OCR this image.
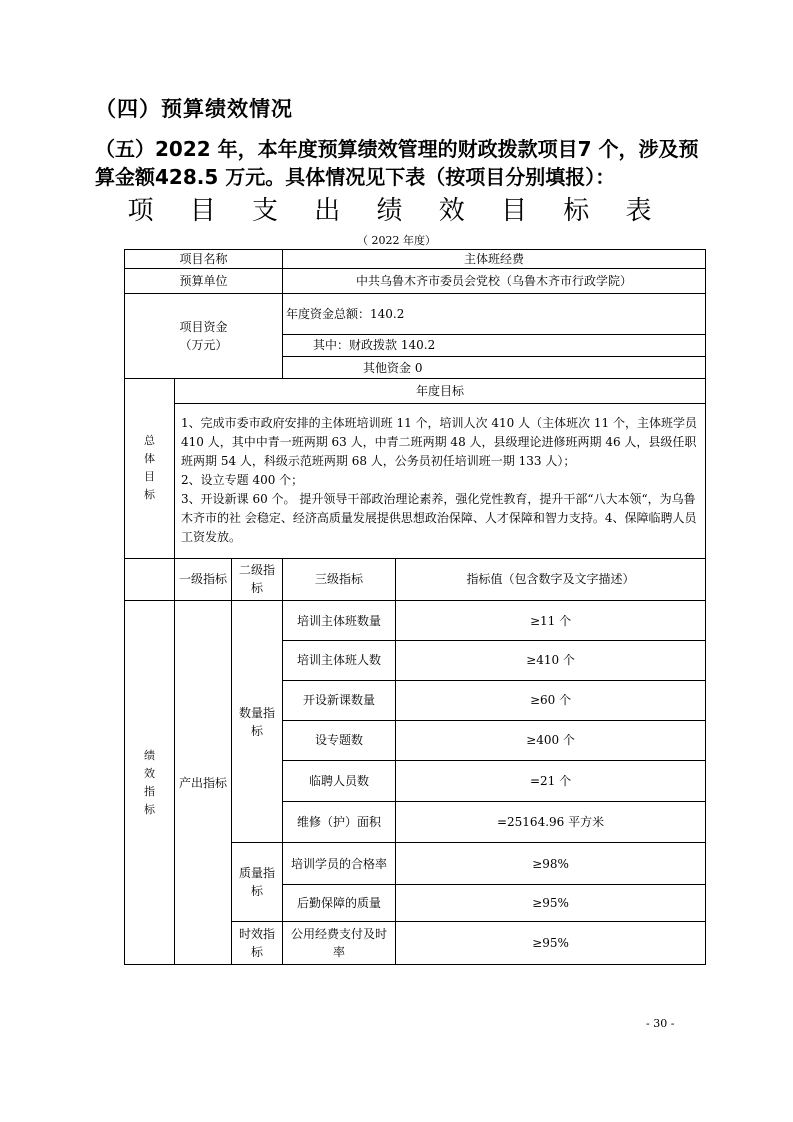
（四）预算绩效情况
（五）2022 年，本年度预算绩效管理的财政拨款项目7 个，涉及预算金额428.5 万元。具体情况见下表（按项目分别填报）：
项 目 支 出 绩 效 目 标 表
（ 2022 年度）
项目名称			主体班经费	
预算单位			中共乌鲁木齐市委员会党校（乌鲁木齐市行政学院）	

项目资金
（万元）			年度资金总额：140.2	
			其中：财政拨款 140.2	
			其他资金 0	

总
体
目
标	年度目标			

	1、完成市委市政府安排的主体班培训班 11 个，培训人次 410 人（主体班次 11 个，主体班学员 410 人，其中中青一班两期 63 人，中青二班两期 48 人，县级理论进修班两期 46 人，县级任职班两期 54 人，科级示范班两期 68 人，公务员初任培训班一期 133 人）；
2、设立专题 400 个；
3、开设新课 60 个。 提升领导干部政治理论素养，强化党性教育，提升干部“八大本领“，为乌鲁木齐市的社 会稳定、经济高质量发展提供思想政治保障、人才保障和智力支持。4、保障临聘人员工资发放。			

	一级指标	二级指标	三级指标	指标值（包含数字及文字描述）

绩
效
指
标	产出指标	数量指标	培训主体班数量	≥11 个
			培训主体班人数	≥410 个
			开设新课数量	≥60 个
			设专题数	≥400 个
			临聘人员数	=21 个
			维修（护）面积	=25164.96 平方米
		质量指标	培训学员的合格率	≥98%
			后勤保障的质量	≥95%
		时效指标	公用经费支付及时率	≥95%
- 30 -
